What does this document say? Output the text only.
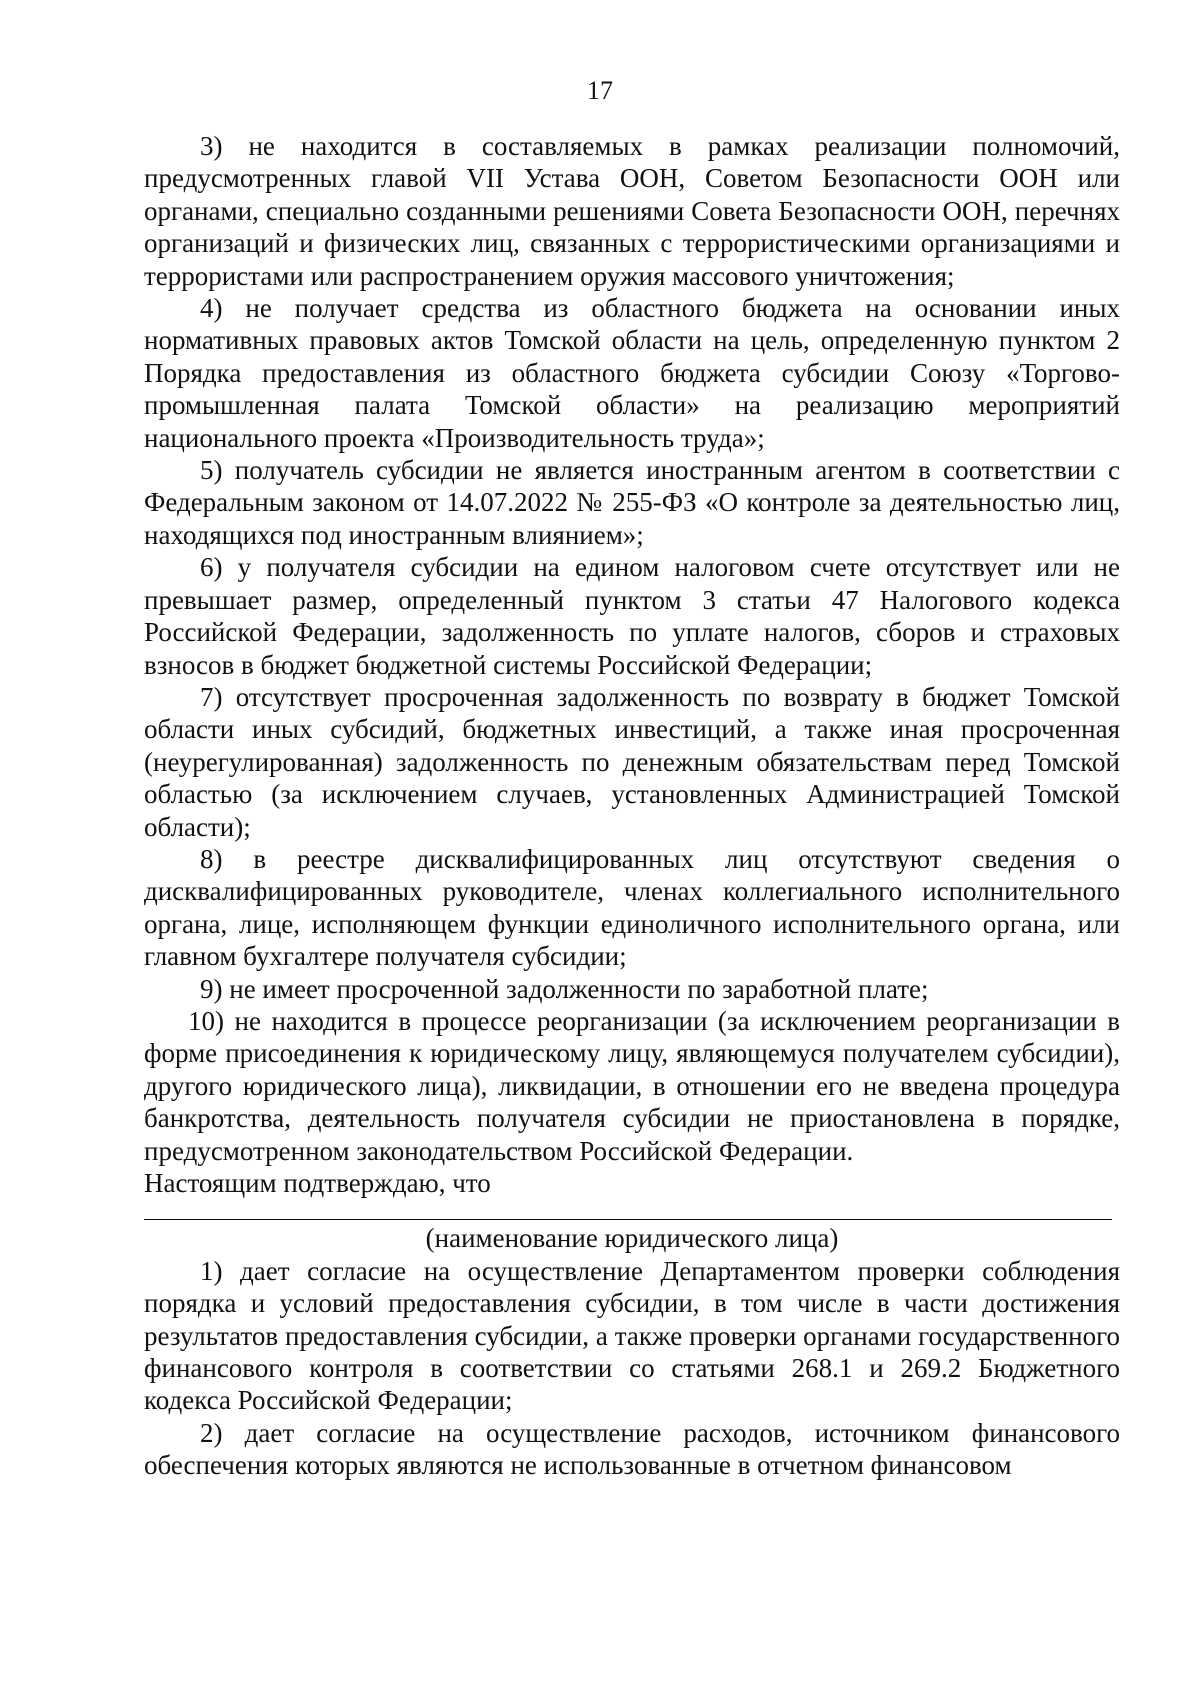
17

3) не находится в составляемых в рамках реализации полномочий, предусмотренных главой VII Устава ООН, Советом Безопасности ООН или органами, специально созданными решениями Совета Безопасности ООН, перечнях организаций и физических лиц, связанных с террористическими организациями и террористами или распространением оружия массового уничтожения;

4) не получает средства из областного бюджета на основании иных нормативных правовых актов Томской области на цель, определенную пунктом 2 Порядка предоставления из областного бюджета субсидии Союзу «Торгово-промышленная палата Томской области» на реализацию мероприятий национального проекта «Производительность труда»;

5) получатель субсидии не является иностранным агентом в соответствии с Федеральным законом от 14.07.2022 № 255-ФЗ «О контроле за деятельностью лиц, находящихся под иностранным влиянием»;

6) у получателя субсидии на едином налоговом счете отсутствует или не превышает размер, определенный пунктом 3 статьи 47 Налогового кодекса Российской Федерации, задолженность по уплате налогов, сборов и страховых взносов в бюджет бюджетной системы Российской Федерации;

7) отсутствует просроченная задолженность по возврату в бюджет Томской области иных субсидий, бюджетных инвестиций, а также иная просроченная (неурегулированная) задолженность по денежным обязательствам перед Томской областью (за исключением случаев, установленных Администрацией Томской области);

8) в реестре дисквалифицированных лиц отсутствуют сведения о дисквалифицированных руководителе, членах коллегиального исполнительного органа, лице, исполняющем функции единоличного исполнительного органа, или главном бухгалтере получателя субсидии;

9) не имеет просроченной задолженности по заработной плате;

10) не находится в процессе реорганизации (за исключением реорганизации в форме присоединения к юридическому лицу, являющемуся получателем субсидии), другого юридического лица), ликвидации, в отношении его не введена процедура банкротства, деятельность получателя субсидии не приостановлена в порядке, предусмотренном законодательством Российской Федерации.

Настоящим подтверждаю, что

(наименование юридического лица)

1) дает согласие на осуществление Департаментом проверки соблюдения порядка и условий предоставления субсидии, в том числе в части достижения результатов предоставления субсидии, а также проверки органами государственного финансового контроля в соответствии со статьями 268.1 и 269.2 Бюджетного кодекса Российской Федерации;

2) дает согласие на осуществление расходов, источником финансового обеспечения которых являются не использованные в отчетном финансовом
